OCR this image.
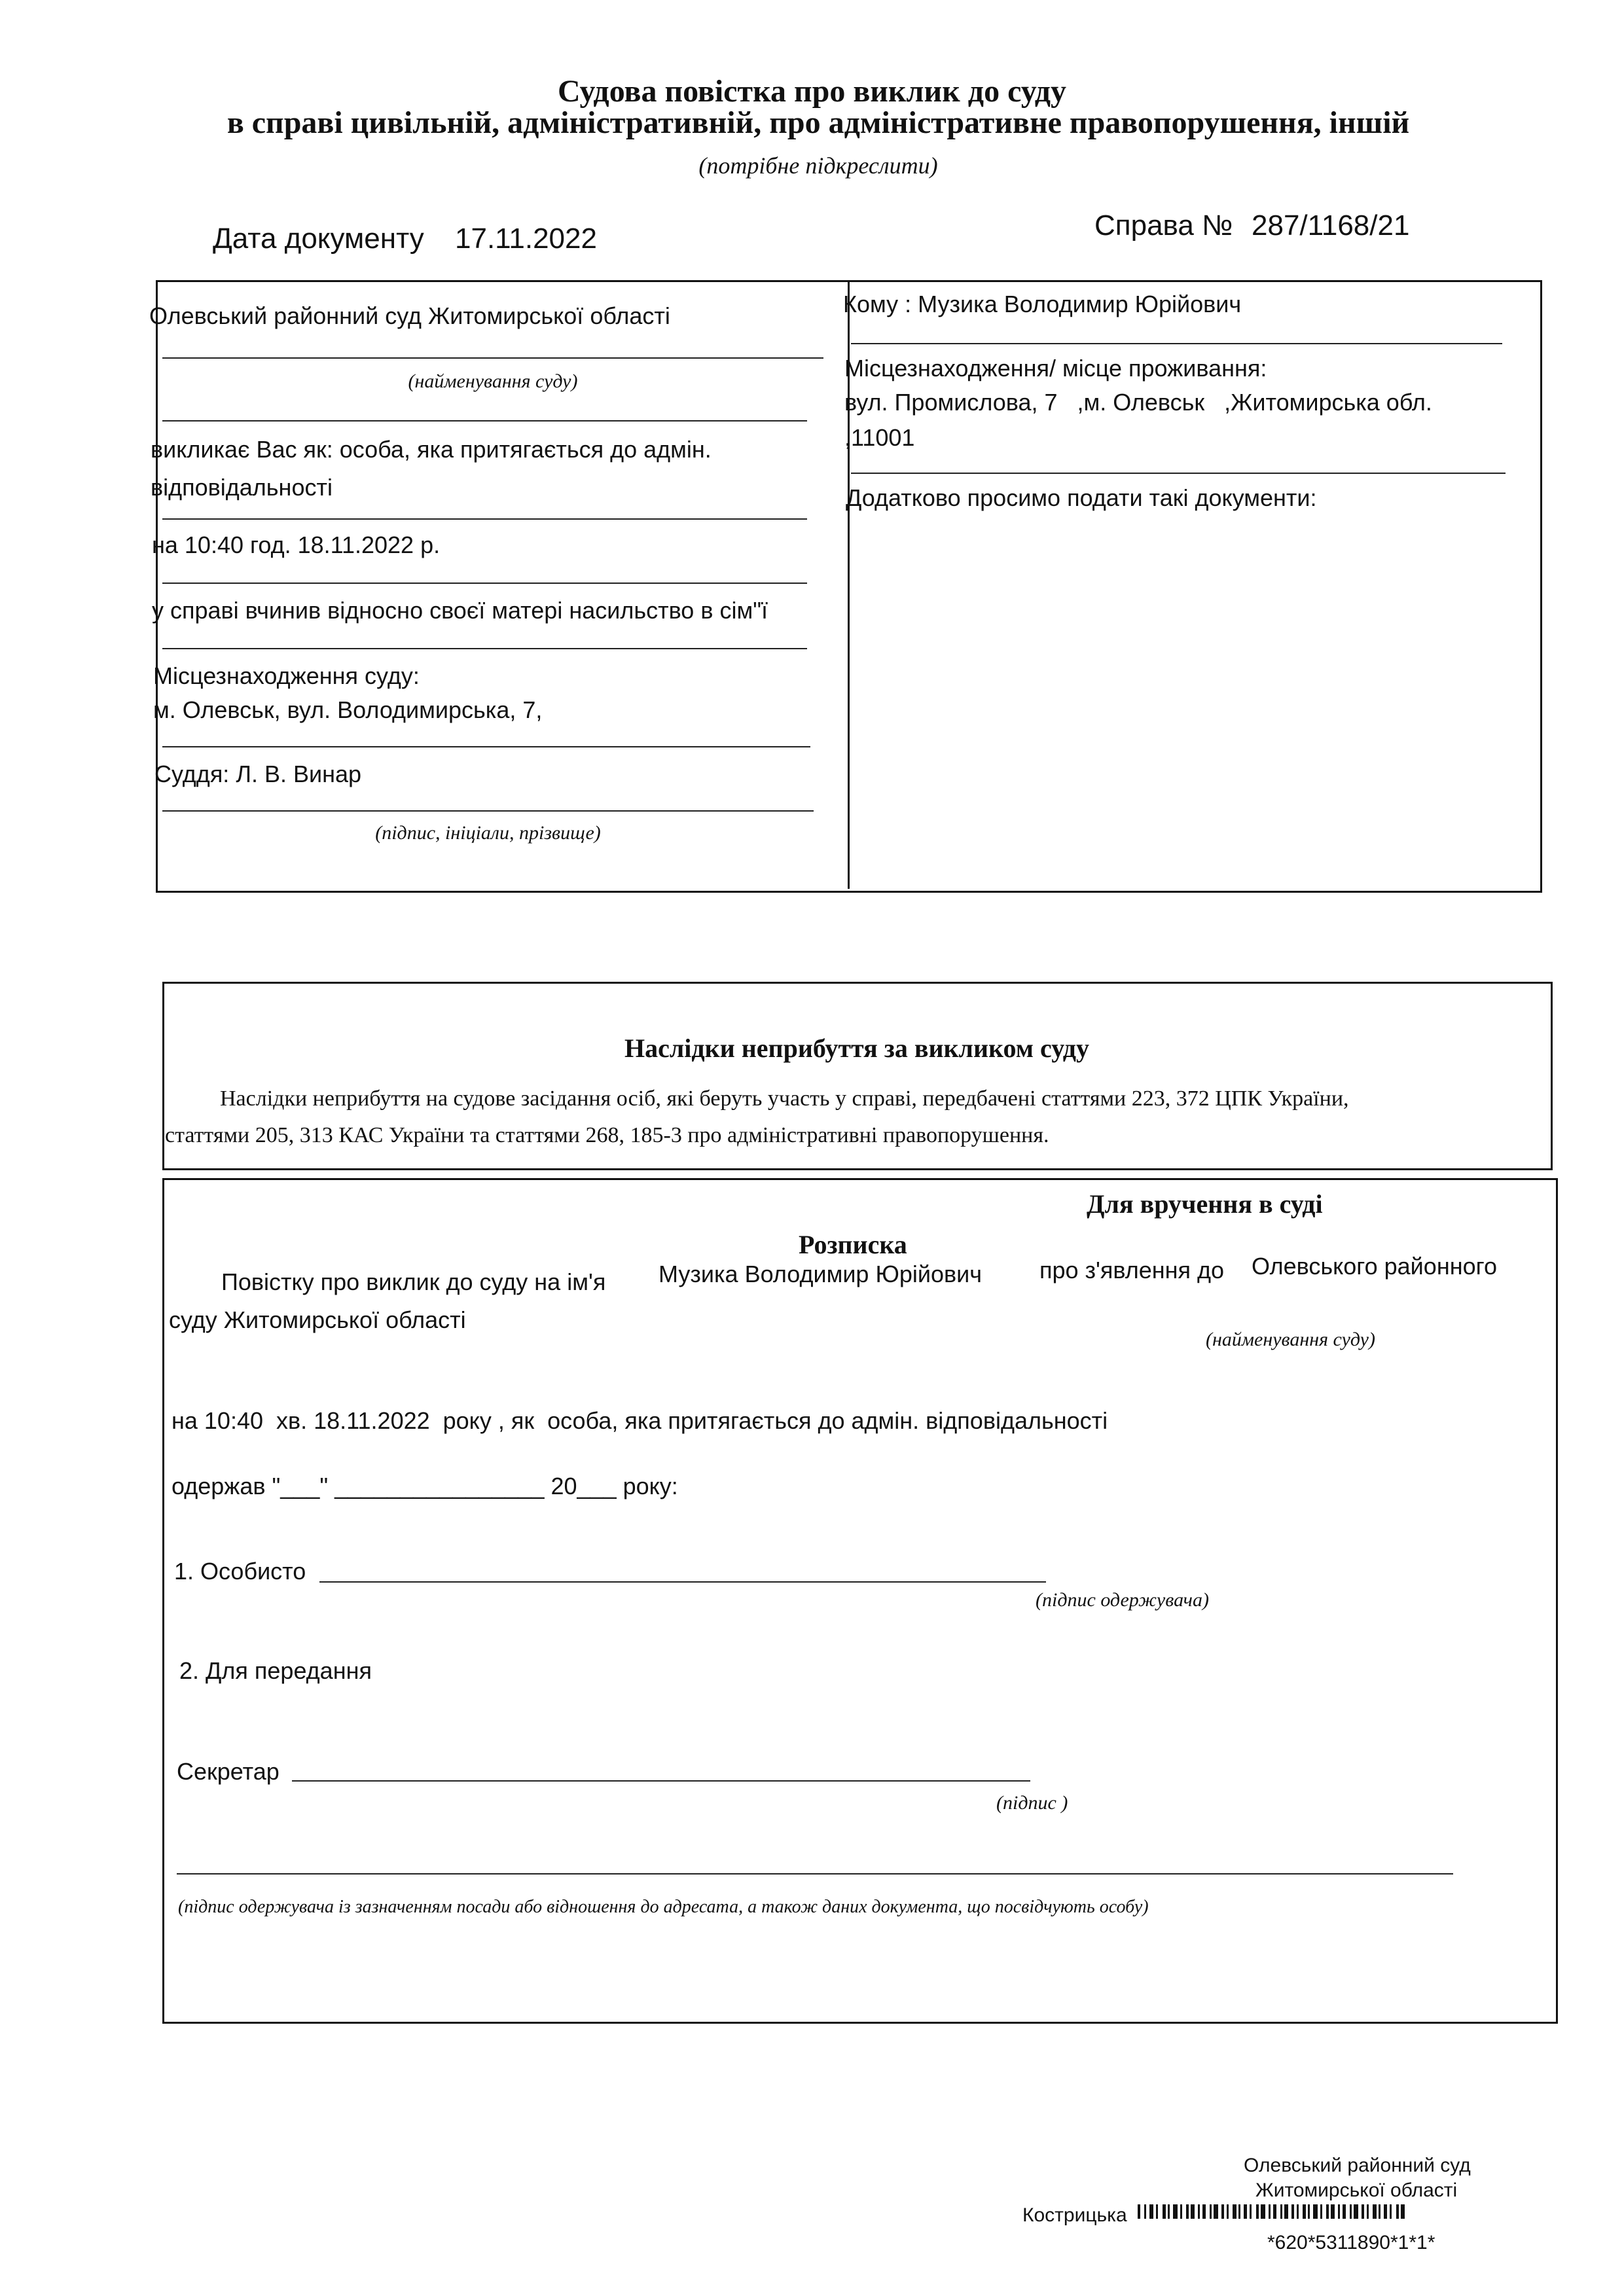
Судова повістка про виклик до суду
в справі цивільній, адміністративній, про адміністративне правопорушення, іншій
(потрібне підкреслити)
Дата документу 17.11.2022	Справа № 287/1168/21
Олевський районний суд Житомирської області
(найменування суду)
викликає Вас як: особа, яка притягається до адмін. відповідальності
на 10:40 год. 18.11.2022 р.
у справі вчинив відносно своєї матері насильство в сім"ї
Місцезнаходження суду:
м. Олевськ, вул. Володимирська, 7,
Суддя: Л. В. Винар
(підпис, ініціали, прізвище)
Кому : Музика Володимир Юрійович
Місцезнаходження/ місце проживання:
вул. Промислова, 7   ,м. Олевськ   ,Житомирська обл.
,11001
Додатково просимо подати такі документи:
Наслідки неприбуття за викликом суду
Наслідки неприбуття на судове засідання осіб, які беруть участь у справі, передбачені статтями 223, 372 ЦПК України,
статтями 205, 313 КАС України та статтями 268, 185-3 про адміністративні правопорушення.
Для вручення в суді
Розписка
Повістку про виклик до суду на ім'я Музика Володимир Юрійович про з'явлення до Олевського районного
суду Житомирської області
(найменування суду)
на 10:40  хв. 18.11.2022  року , як  особа, яка притягається до адмін. відповідальності
одержав "___" ________________ 20___ року:
1. Особисто
(підпис одержувача)
2. Для передання
Секретар
(підпис )
(підпис одержувача із зазначенням посади або відношення до адресата, а також даних документа, що посвідчують особу)
Олевський районний суд
Житомирської області
Кострицька
*620*5311890*1*1*
